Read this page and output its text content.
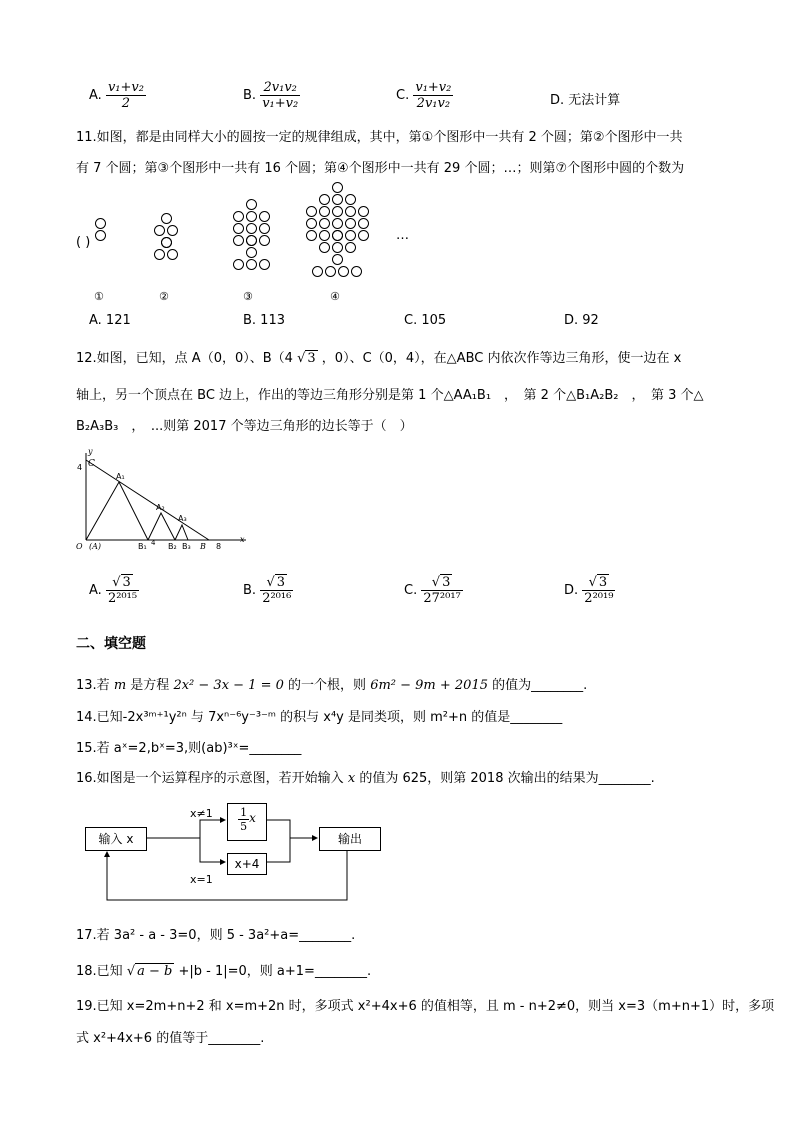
A. $\frac{\text{v₁+v₂}}{2}$	B. $\frac{\text{2v₁v₂}}{\text{v₁+v₂}}$	C. $\frac{\text{v₁+v₂}}{\text{2v₁v₂}}$	D. 无法计算
11.如图，都是由同样大小的圆按一定的规律组成，其中，第①个图形中一共有 2 个圆；第②个图形中一共
有 7 个圆；第③个图形中一共有 16 个圆；第④个图形中一共有 29 个圆；…；则第⑦个图形中圆的个数为
( )	…
①	②	③	④
A. 121	B. 113	C. 105	D. 92
12.如图，已知，点 A（0，0）、B（4 √ 3 ，0）、C（0，4），在△ABC 内依次作等边三角形，使一边在 x
轴上，另一个顶点在 BC 边上，作出的等边三角形分别是第 1 个△AA₁B₁　，　第 2 个△B₁A₂B₂　，　第 3 个△
B₂A₃B₃　，　...则第 2017 个等边三角形的边长等于（　）
y
4 C
A₁
A₂
A₃
O (A)	B₁ 4 B₂ B₃ B 8
x
A. $\frac{√ 3}{\text{2²⁰¹⁵}}$	B. $\frac{√ 3}{\text{2²⁰¹⁶}}$	C. $\frac{√ 3}{\text{27²⁰¹⁷}}$	D. $\frac{√ 3}{\text{2²⁰¹⁹}}$
二、填空题
13.若 m 是方程 2x² − 3x − 1 = 0 的一个根，则 6m² − 9m + 2015 的值为________.
14.已知-2x³ᵐ⁺¹y²ⁿ 与 7xⁿ⁻⁶y⁻³⁻ᵐ 的积与 x⁴y 是同类项，则 m²+n 的值是________
15.若 aˣ=2,bˣ=3,则(ab)³ˣ=________
16.如图是一个运算程序的示意图，若开始输入 x 的值为 625，则第 2018 次输出的结果为________.
输入 x
$\frac{1}{5}$ x
x+4
输出
x≠1
x=1
17.若 3a² - a - 3=0，则 5 - 3a²+a=________.
18.已知 √ a − b +|b - 1|=0，则 a+1=________.
19.已知 x=2m+n+2 和 x=m+2n 时，多项式 x²+4x+6 的值相等，且 m - n+2≠0，则当 x=3（m+n+1）时，多项
式 x²+4x+6 的值等于________.
